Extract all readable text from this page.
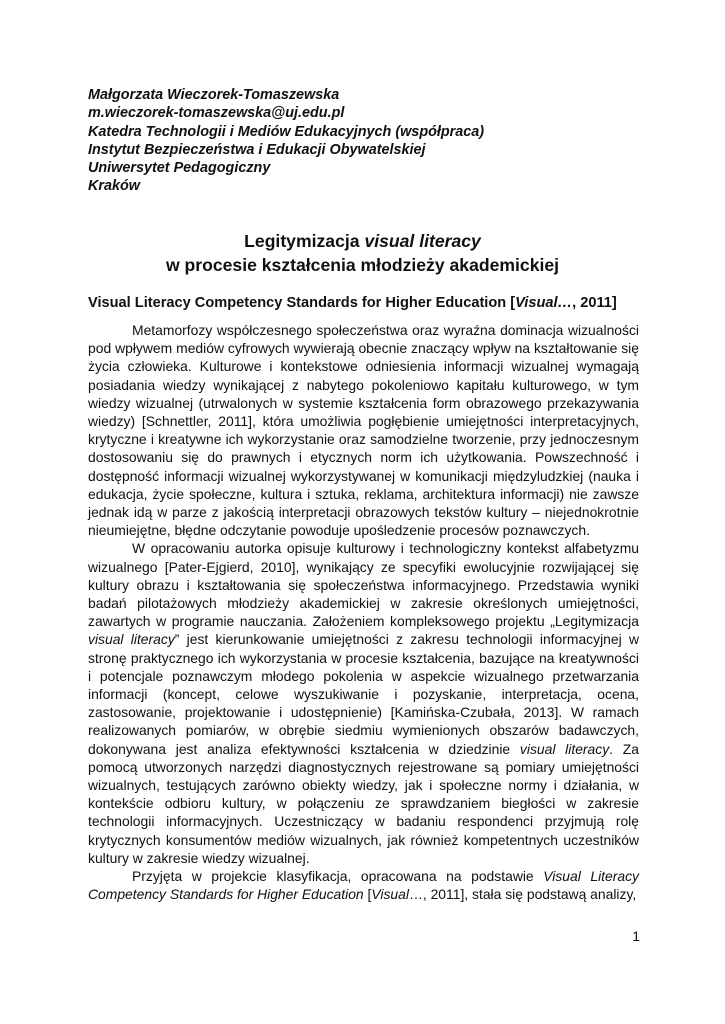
Małgorzata Wieczorek-Tomaszewska
m.wieczorek-tomaszewska@uj.edu.pl
Katedra Technologii i Mediów Edukacyjnych (współpraca)
Instytut Bezpieczeństwa i Edukacji Obywatelskiej
Uniwersytet Pedagogiczny
Kraków
Legitymizacja visual literacy
w procesie kształcenia młodzieży akademickiej
Visual Literacy Competency Standards for Higher Education [Visual…, 2011]

Metamorfozy współczesnego społeczeństwa oraz wyraźna dominacja wizualności pod wpływem mediów cyfrowych wywierają obecnie znaczący wpływ na kształtowanie się życia człowieka. Kulturowe i kontekstowe odniesienia informacji wizualnej wymagają posiadania wiedzy wynikającej z nabytego pokoleniowo kapitału kulturowego, w tym wiedzy wizualnej (utrwalonych w systemie kształcenia form obrazowego przekazywania wiedzy) [Schnettler, 2011], która umożliwia pogłębienie umiejętności interpretacyjnych, krytyczne i kreatywne ich wykorzystanie oraz samodzielne tworzenie, przy jednoczesnym dostosowaniu się do prawnych i etycznych norm ich użytkowania. Powszechność i dostępność informacji wizualnej wykorzystywanej w komunikacji międzyludzkiej (nauka i edukacja, życie społeczne, kultura i sztuka, reklama, architektura informacji) nie zawsze jednak idą w parze z jakością interpretacji obrazowych tekstów kultury – niejednokrotnie nieumiejętne, błędne odczytanie powoduje upośledzenie procesów poznawczych.

W opracowaniu autorka opisuje kulturowy i technologiczny kontekst alfabetyzmu wizualnego [Pater-Ejgierd, 2010], wynikający ze specyfiki ewolucyjnie rozwijającej się kultury obrazu i kształtowania się społeczeństwa informacyjnego. Przedstawia wyniki badań pilotażowych młodzieży akademickiej w zakresie określonych umiejętności, zawartych w programie nauczania. Założeniem kompleksowego projektu „Legitymizacja visual literacy” jest kierunkowanie umiejętności z zakresu technologii informacyjnej w stronę praktycznego ich wykorzystania w procesie kształcenia, bazujące na kreatywności i potencjale poznawczym młodego pokolenia w aspekcie wizualnego przetwarzania informacji (koncept, celowe wyszukiwanie i pozyskanie, interpretacja, ocena, zastosowanie, projektowanie i udostępnienie) [Kamińska-Czubała, 2013]. W ramach realizowanych pomiarów, w obrębie siedmiu wymienionych obszarów badawczych, dokonywana jest analiza efektywności kształcenia w dziedzinie visual literacy. Za pomocą utworzonych narzędzi diagnostycznych rejestrowane są pomiary umiejętności wizualnych, testujących zarówno obiekty wiedzy, jak i społeczne normy i działania, w kontekście odbioru kultury, w połączeniu ze sprawdzaniem biegłości w zakresie technologii informacyjnych. Uczestniczący w badaniu respondenci przyjmują rolę krytycznych konsumentów mediów wizualnych, jak również kompetentnych uczestników kultury w zakresie wiedzy wizualnej.

Przyjęta w projekcie klasyfikacja, opracowana na podstawie Visual Literacy Competency Standards for Higher Education [Visual…, 2011], stała się podstawą analizy,

1
